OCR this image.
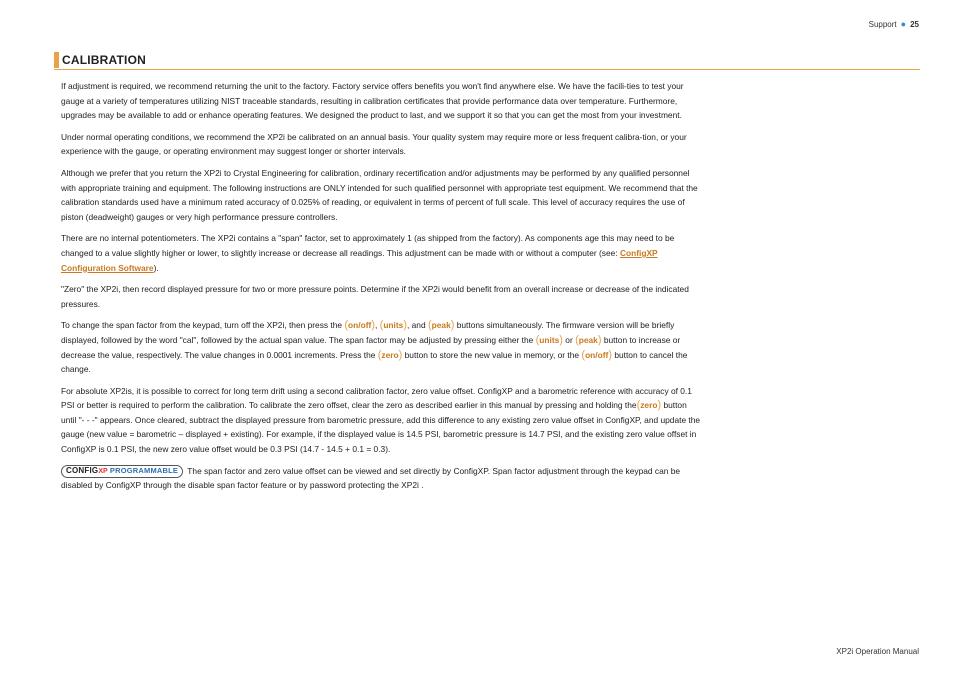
Support ● 25
CALIBRATION

If adjustment is required, we recommend returning the unit to the factory. Factory service offers benefits you won't find anywhere else. We have the facili-ties to test your gauge at a variety of temperatures utilizing NIST traceable standards, resulting in calibration certificates that provide performance data over temperature. Furthermore, upgrades may be available to add or enhance operating features. We designed the product to last, and we support it so that you can get the most from your investment.

Under normal operating conditions, we recommend the XP2i be calibrated on an annual basis. Your quality system may require more or less frequent calibra-tion, or your experience with the gauge, or operating environment may suggest longer or shorter intervals.

Although we prefer that you return the XP2i to Crystal Engineering for calibration, ordinary recertification and/or adjustments may be performed by any qualified personnel with appropriate training and equipment. The following instructions are ONLY intended for such qualified personnel with appropriate test equipment. We recommend that the calibration standards used have a minimum rated accuracy of 0.025% of reading, or equivalent in terms of percent of full scale. This level of accuracy requires the use of piston (deadweight) gauges or very high performance pressure controllers.

There are no internal potentiometers. The XP2i contains a "span" factor, set to approximately 1 (as shipped from the factory). As components age this may need to be changed to a value slightly higher or lower, to slightly increase or decrease all readings. This adjustment can be made with or without a computer (see: ConfigXP Configuration Software).

"Zero" the XP2i, then record displayed pressure for two or more pressure points. Determine if the XP2i would benefit from an overall increase or decrease of the indicated pressures.

To change the span factor from the keypad, turn off the XP2i, then press the (on/off), (units), and (peak) buttons simultaneously. The firmware version will be briefly displayed, followed by the word "cal", followed by the actual span value. The span factor may be adjusted by pressing either the (units) or (peak) button to increase or decrease the value, respectively. The value changes in 0.0001 increments. Press the (zero) button to store the new value in memory, or the (on/off) button to cancel the change.

For absolute XP2is, it is possible to correct for long term drift using a second calibration factor, zero value offset. ConfigXP and a barometric reference with accuracy of 0.1 PSI or better is required to perform the calibration. To calibrate the zero offset, clear the zero as described earlier in this manual by pressing and holding the(zero) button until "- - -" appears. Once cleared, subtract the displayed pressure from barometric pressure, add this difference to any existing zero value offset in ConfigXP, and update the gauge (new value = barometric – displayed + existing). For example, if the displayed value is 14.5 PSI, barometric pressure is 14.7 PSI, and the existing zero value offset in ConfigXP is 0.1 PSI, the new zero value offset would be 0.3 PSI (14.7 - 14.5 + 0.1 = 0.3).

CONFIGXP PROGRAMMABLE The span factor and zero value offset can be viewed and set directly by ConfigXP. Span factor adjustment through the keypad can be disabled by ConfigXP through the disable span factor feature or by password protecting the XP2i .

XP2i Operation Manual
